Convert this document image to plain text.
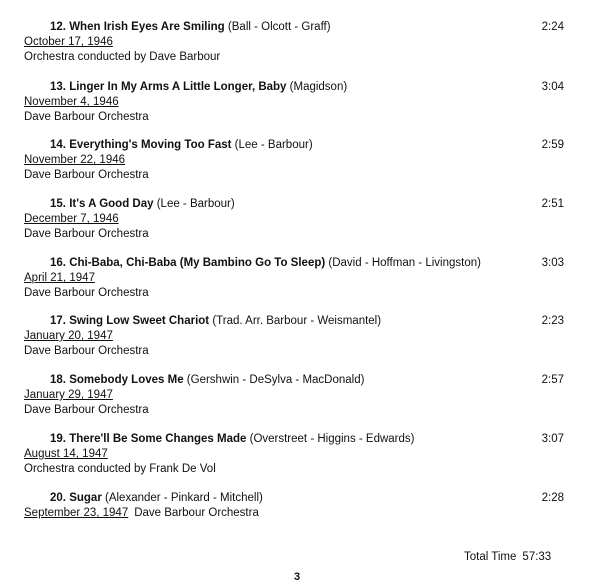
12. When Irish Eyes Are Smiling (Ball - Olcott - Graff)	2:24
October 17, 1946
Orchestra conducted by Dave Barbour
13. Linger In My Arms A Little Longer, Baby (Magidson)	3:04
November 4, 1946
Dave Barbour Orchestra
14. Everything's Moving Too Fast (Lee - Barbour)	2:59
November 22, 1946
Dave Barbour Orchestra
15. It's A Good Day (Lee - Barbour)	2:51
December 7, 1946
Dave Barbour Orchestra
16. Chi-Baba, Chi-Baba (My Bambino Go To Sleep) (David - Hoffman - Livingston)	3:03
April 21, 1947
Dave Barbour Orchestra
17. Swing Low Sweet Chariot (Trad. Arr. Barbour - Weismantel)	2:23
January 20, 1947
Dave Barbour Orchestra
18. Somebody Loves Me (Gershwin - DeSylva - MacDonald)	2:57
January 29, 1947
Dave Barbour Orchestra
19. There'll Be Some Changes Made (Overstreet - Higgins - Edwards)	3:07
August 14, 1947
Orchestra conducted by Frank De Vol
20. Sugar (Alexander - Pinkard - Mitchell)	2:28
September 23, 1947 Dave Barbour Orchestra
Total Time 57:33
3
